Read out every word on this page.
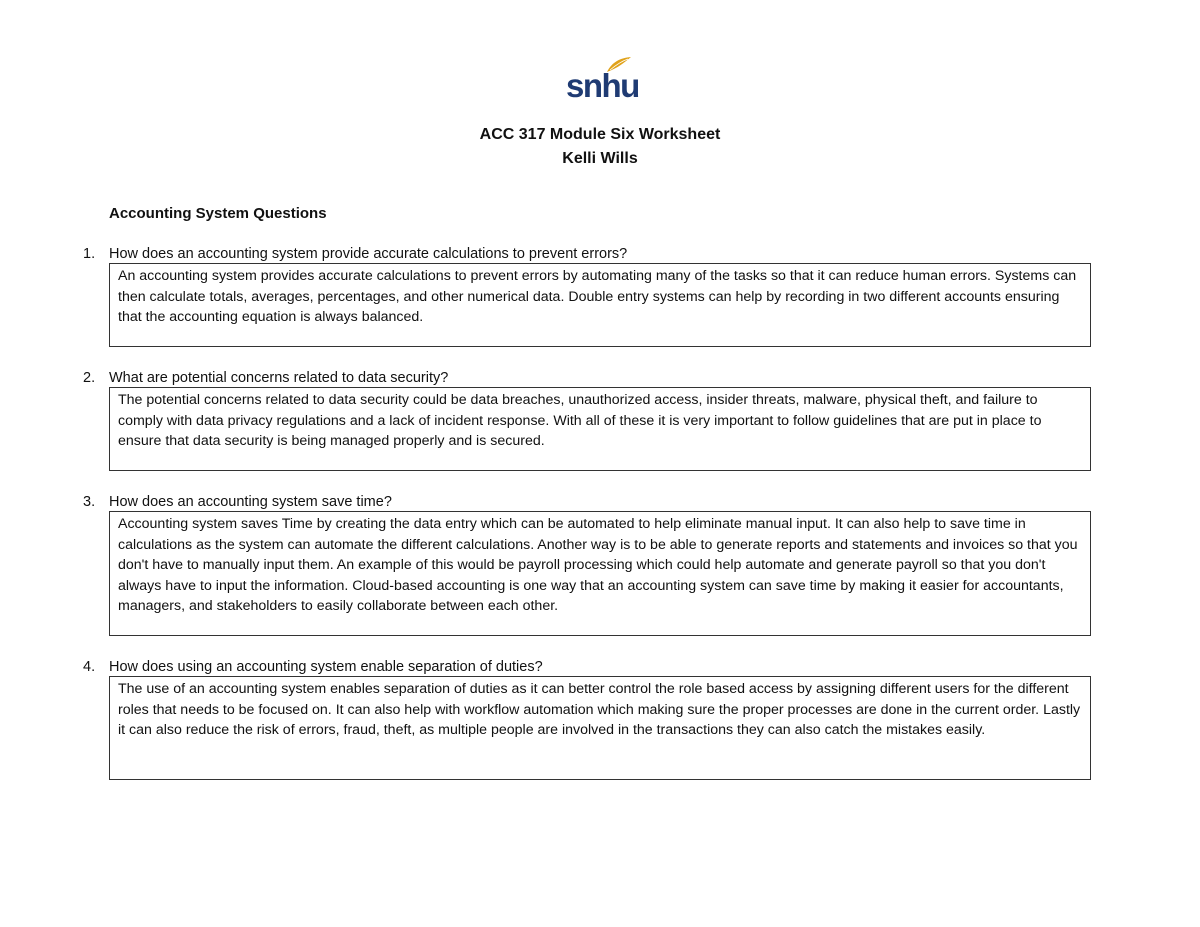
snhu
ACC 317 Module Six Worksheet
Kelli Wills
Accounting System Questions
1. How does an accounting system provide accurate calculations to prevent errors?
An accounting system provides accurate calculations to prevent errors by automating many of the tasks so that it can reduce human errors. Systems can then calculate totals, averages, percentages, and other numerical data. Double entry systems can help by recording in two different accounts ensuring that the accounting equation is always balanced.
2. What are potential concerns related to data security?
The potential concerns related to data security could be data breaches, unauthorized access, insider threats, malware, physical theft, and failure to comply with data privacy regulations and a lack of incident response. With all of these it is very important to follow guidelines that are put in place to ensure that data security is being managed properly and is secured.
3. How does an accounting system save time?
Accounting system saves Time by creating the data entry which can be automated to help eliminate manual input. It can also help to save time in calculations as the system can automate the different calculations. Another way is to be able to generate reports and statements and invoices so that you don't have to manually input them. An example of this would be payroll processing which could help automate and generate payroll so that you don't always have to input the information. Cloud-based accounting is one way that an accounting system can save time by making it easier for accountants, managers, and stakeholders to easily collaborate between each other.
4. How does using an accounting system enable separation of duties?
The use of an accounting system enables separation of duties as it can better control the role based access by assigning different users for the different roles that needs to be focused on. It can also help with workflow automation which making sure the proper processes are done in the current order. Lastly it can also reduce the risk of errors, fraud, theft, as multiple people are involved in the transactions they can also catch the mistakes easily.
